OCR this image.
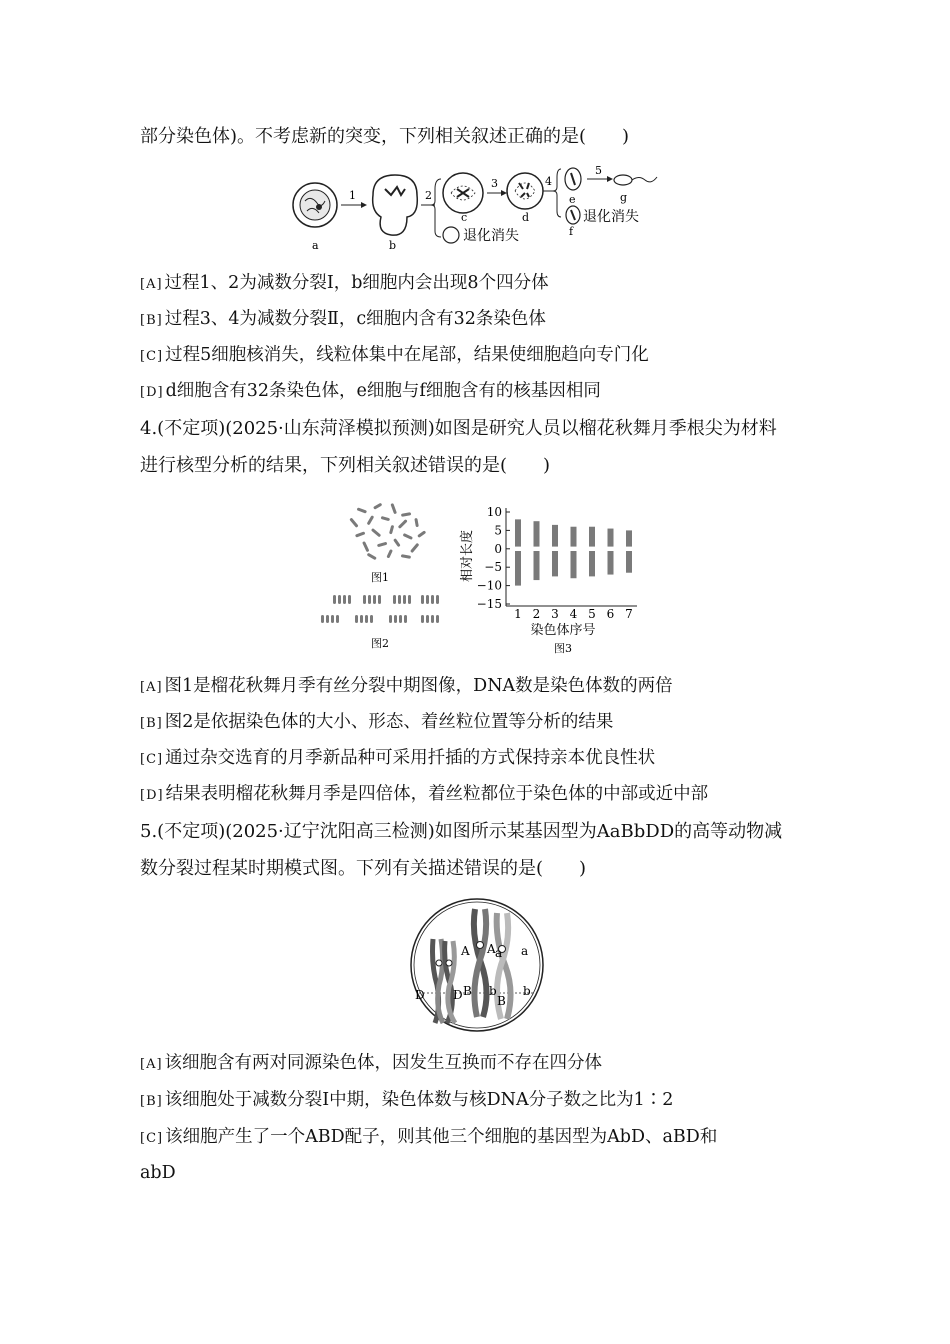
部分染色体)。不考虑新的突变，下列相关叙述正确的是(　　)
a
1
b
2
c
退化消失
3
d
4
e
f
退化消失
5
g
[A] 过程1、2为减数分裂Ⅰ，b细胞内会出现8个四分体
[B] 过程3、4为减数分裂Ⅱ，c细胞内含有32条染色体
[C] 过程5细胞核消失，线粒体集中在尾部，结果使细胞趋向专门化
[D] d细胞含有32条染色体，e细胞与f细胞含有的核基因相同
4.(不定项)(2025·山东菏泽模拟预测)如图是研究人员以榴花秋舞月季根尖为材料
进行核型分析的结果，下列相关叙述错误的是(　　)
图1
图2
相对长度
10
5
0
−5
−10
−15
1 2 3 4 5 6 7
染色体序号
图3
[A] 图1是榴花秋舞月季有丝分裂中期图像，DNA数是染色体数的两倍
[B] 图2是依据染色体的大小、形态、着丝粒位置等分析的结果
[C] 通过杂交选育的月季新品种可采用扦插的方式保持亲本优良性状
[D] 结果表明榴花秋舞月季是四倍体，着丝粒都位于染色体的中部或近中部
5.(不定项)(2025·辽宁沈阳高三检测)如图所示某基因型为AaBbDD的高等动物减
数分裂过程某时期模式图。下列有关描述错误的是(　　)
A A a a
D D B
B
b b
[A] 该细胞含有两对同源染色体，因发生互换而不存在四分体
[B] 该细胞处于减数分裂Ⅰ中期，染色体数与核DNA分子数之比为1∶2
[C] 该细胞产生了一个ABD配子，则其他三个细胞的基因型为AbD、aBD和
abD
